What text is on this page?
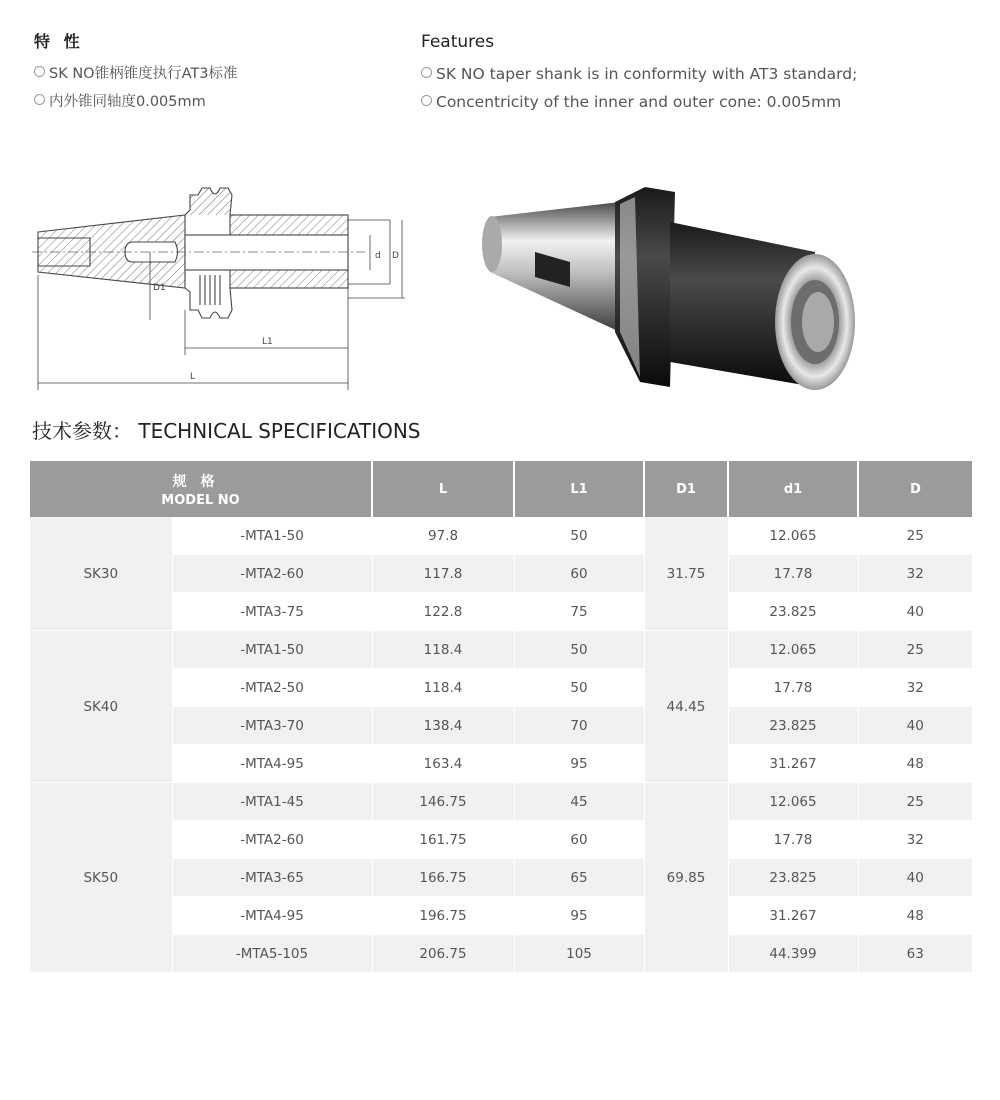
特 性
SK NO锥柄锥度执行AT3标准
内外锥同轴度0.005mm
Features
SK NO taper shank is in conformity with AT3 standard;
Concentricity of the inner and outer cone: 0.005mm
L1
L
d D
D1
技术参数： TECHNICAL SPECIFICATIONS
规格
MODEL NO		L	L1	D1	d1	D
SK30	-MTA1-50	97.8	50	31.75	12.065	25
	-MTA2-60	117.8	60		17.78	32
	-MTA3-75	122.8	75		23.825	40
SK40	-MTA1-50	118.4	50	44.45	12.065	25
	-MTA2-50	118.4	50		17.78	32
	-MTA3-70	138.4	70		23.825	40
	-MTA4-95	163.4	95		31.267	48
SK50	-MTA1-45	146.75	45	69.85	12.065	25
	-MTA2-60	161.75	60		17.78	32
	-MTA3-65	166.75	65		23.825	40
	-MTA4-95	196.75	95		31.267	48
	-MTA5-105	206.75	105		44.399	63
